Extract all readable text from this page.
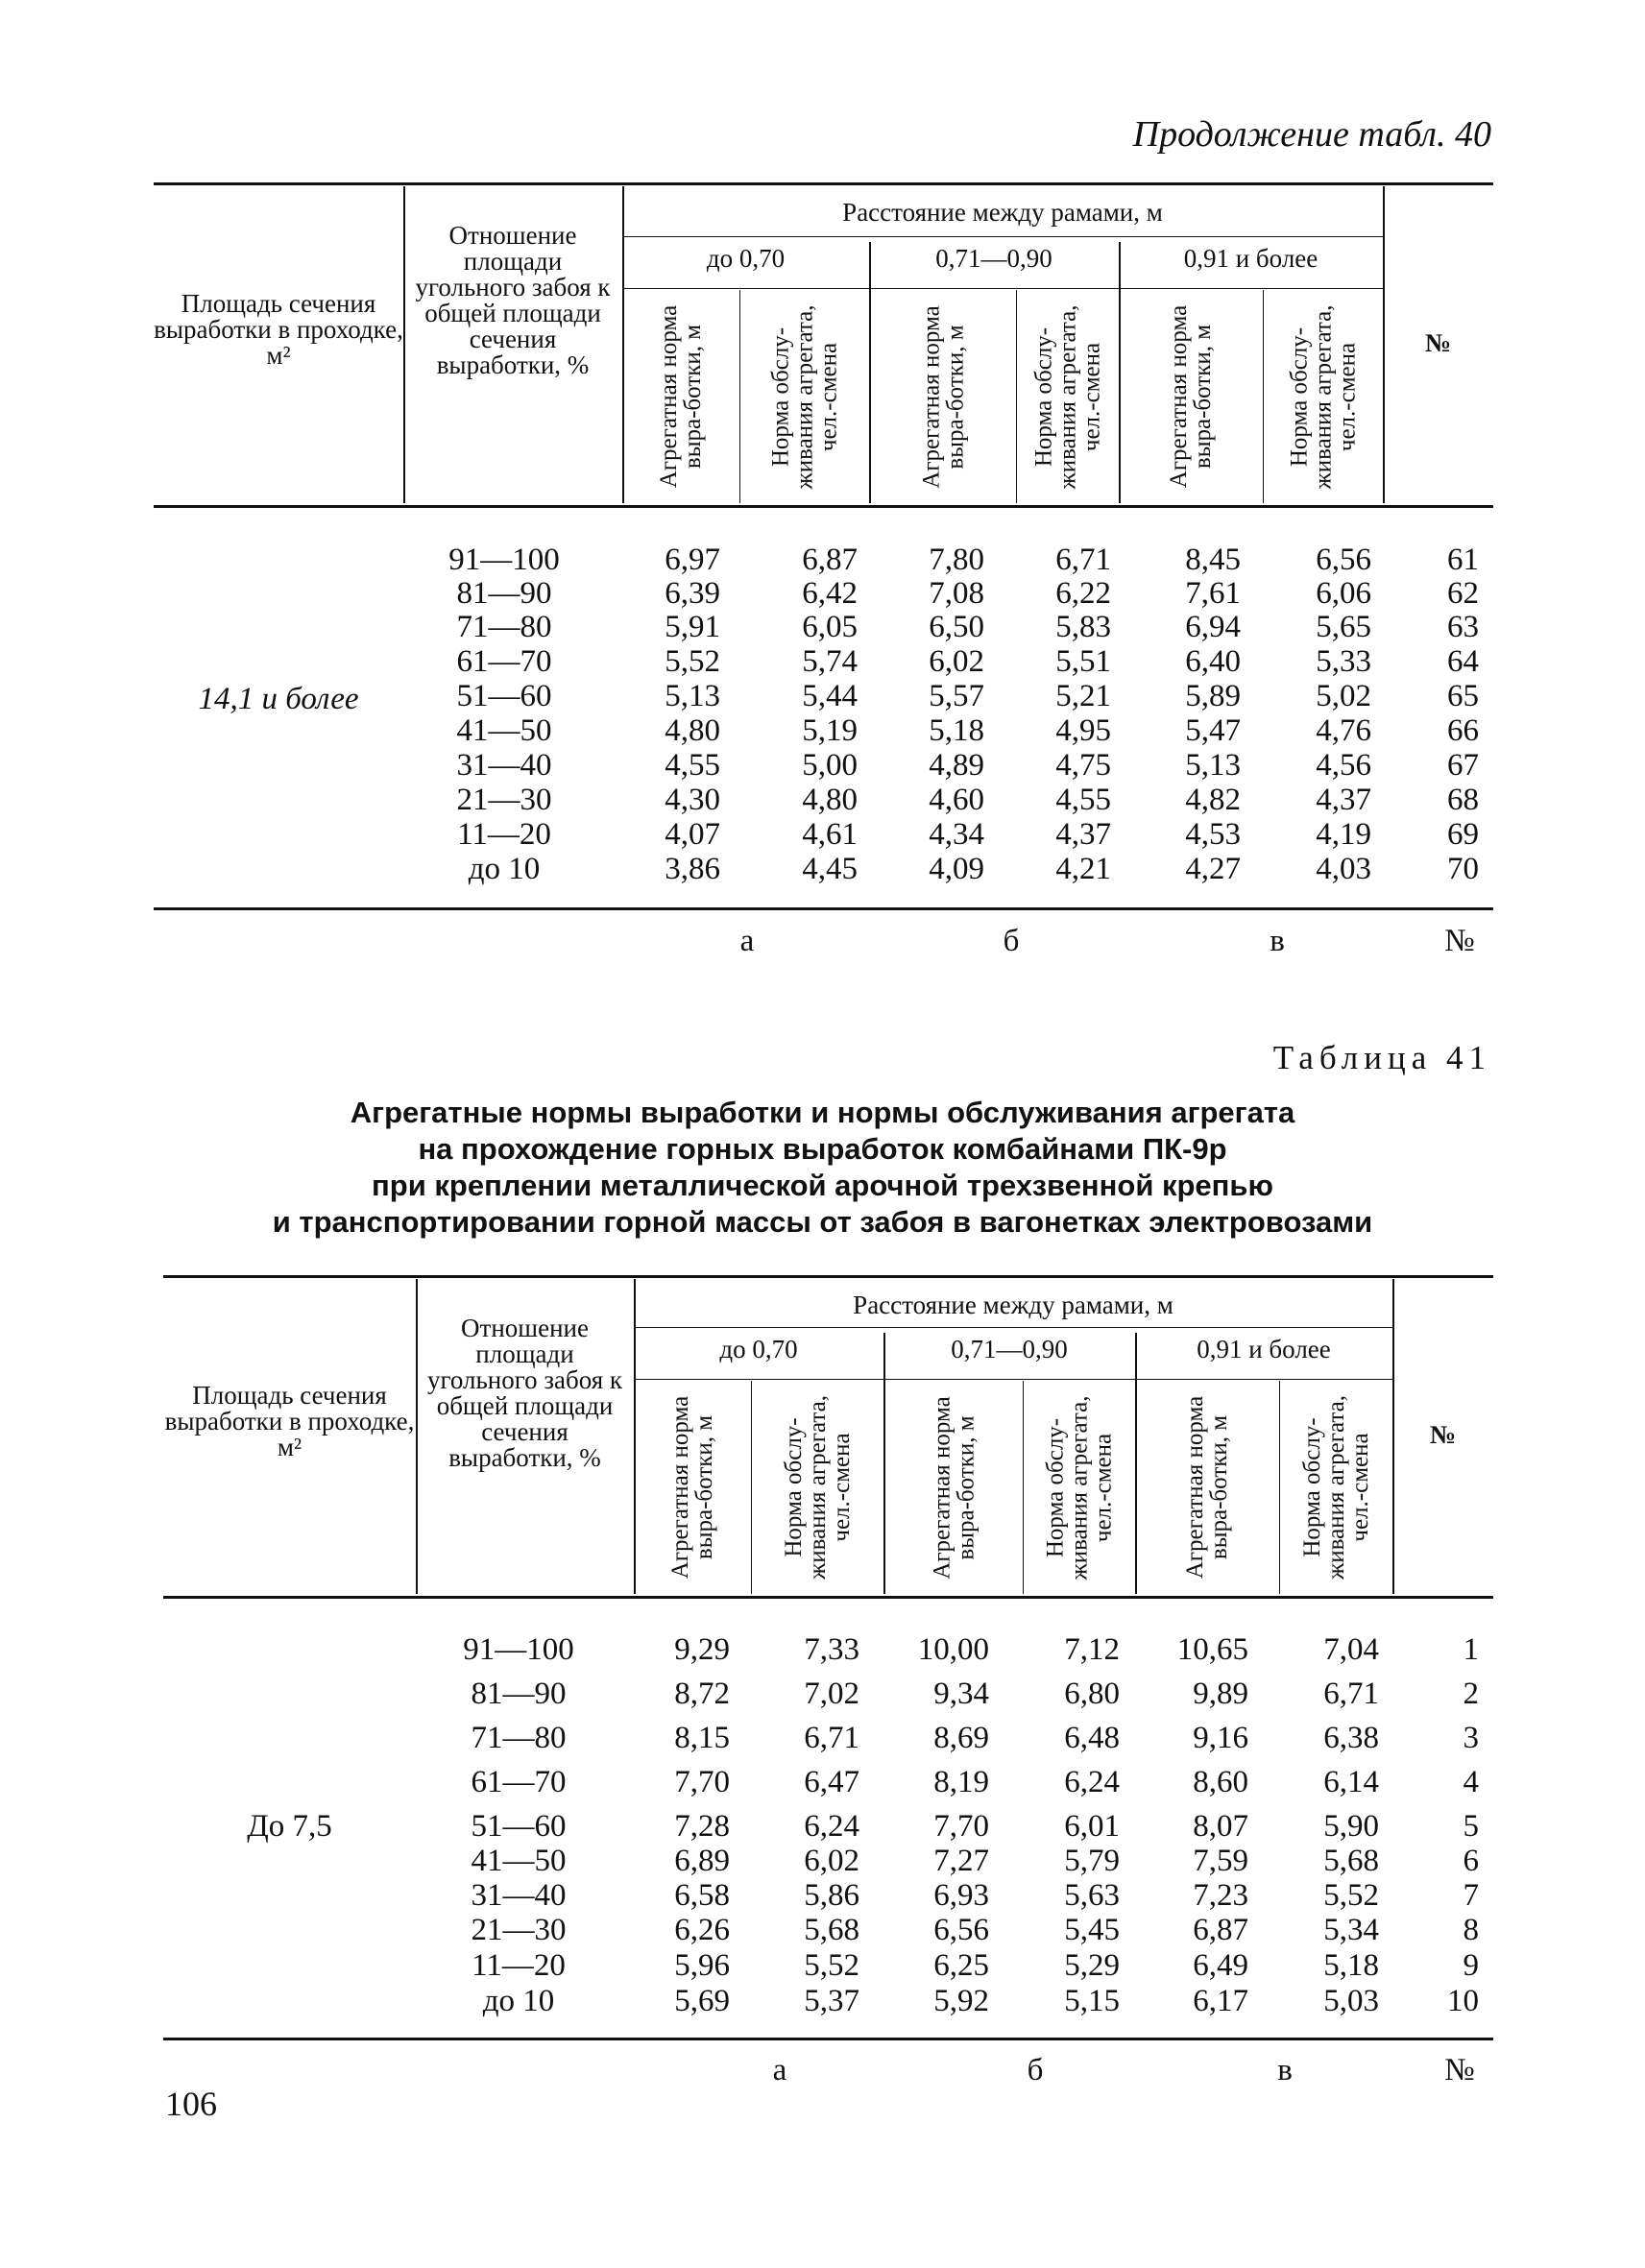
Продолжение табл. 40
Площадь сечения выработки в проходке, м²
Отношение площади угольного забоя к общей площади сечения выработки, %
Расстояние между рамами, м
до 0,70	0,71—0,90	0,91 и более
Агрегатная норма выра-ботки, м	Норма обслу-живания агрегата, чел.-смена	Агрегатная норма выра-ботки, м	Норма обслу-живания агрегата, чел.-смена	Агрегатная норма выра-ботки, м	Норма обслу-живания агрегата, чел.-смена	№
91—100	6,97	6,87	7,80	6,71	8,45	6,56	61
81—90	6,39	6,42	7,08	6,22	7,61	6,06	62
71—80	5,91	6,05	6,50	5,83	6,94	5,65	63
61—70	5,52	5,74	6,02	5,51	6,40	5,33	64
51—60	5,13	5,44	5,57	5,21	5,89	5,02	65
41—50	4,80	5,19	5,18	4,95	5,47	4,76	66
31—40	4,55	5,00	4,89	4,75	5,13	4,56	67
21—30	4,30	4,80	4,60	4,55	4,82	4,37	68
11—20	4,07	4,61	4,34	4,37	4,53	4,19	69
до 10	3,86	4,45	4,09	4,21	4,27	4,03	70
14,1 и более
а	б	в	№
Таблица 41
Агрегатные нормы выработки и нормы обслуживания агрегата
на прохождение горных выработок комбайнами ПК-9р
при креплении металлической арочной трехзвенной крепью
и транспортировании горной массы от забоя в вагонетках электровозами
Площадь сечения выработки в проходке, м²
Отношение площади угольного забоя к общей площади сечения выработки, %
Расстояние между рамами, м
до 0,70	0,71—0,90	0,91 и более
Агрегатная норма выра-ботки, м	Норма обслу-живания агрегата, чел.-смена	Агрегатная норма выра-ботки, м	Норма обслу-живания агрегата, чел.-смена	Агрегатная норма выра-ботки, м	Норма обслу-живания агрегата, чел.-смена	№
91—100	9,29	7,33	10,00	7,12	10,65	7,04	1
81—90	8,72	7,02	9,34	6,80	9,89	6,71	2
71—80	8,15	6,71	8,69	6,48	9,16	6,38	3
61—70	7,70	6,47	8,19	6,24	8,60	6,14	4
51—60	7,28	6,24	7,70	6,01	8,07	5,90	5
41—50	6,89	6,02	7,27	5,79	7,59	5,68	6
31—40	6,58	5,86	6,93	5,63	7,23	5,52	7
21—30	6,26	5,68	6,56	5,45	6,87	5,34	8
11—20	5,96	5,52	6,25	5,29	6,49	5,18	9
до 10	5,69	5,37	5,92	5,15	6,17	5,03	10
До 7,5
а	б	в	№
106
